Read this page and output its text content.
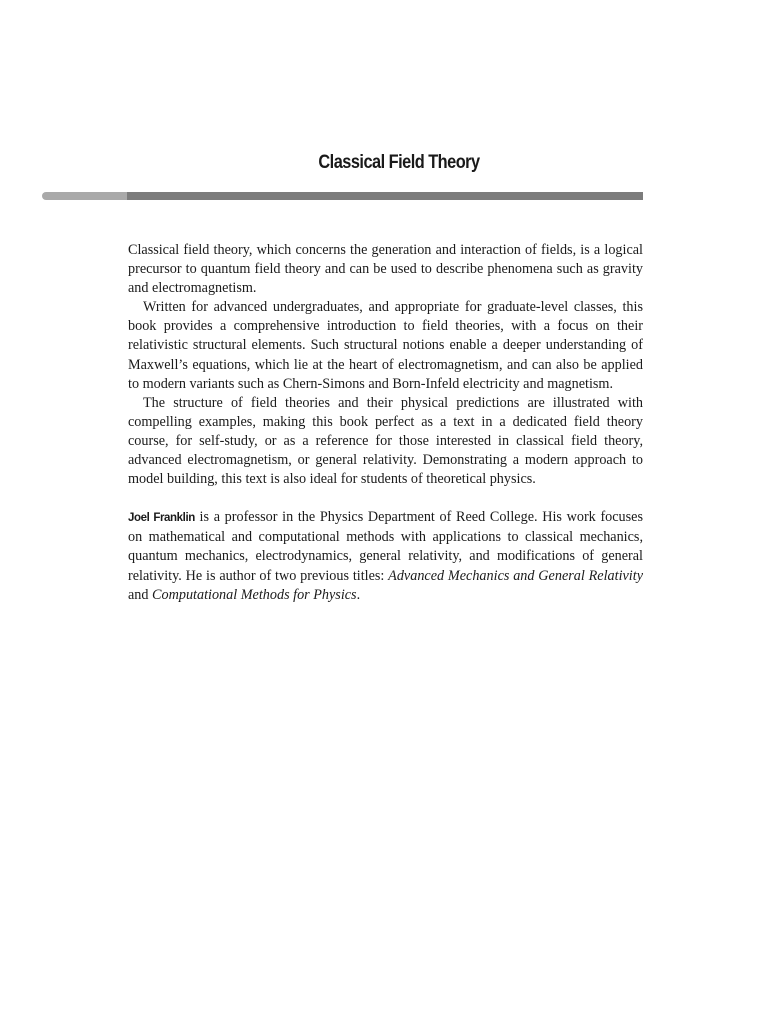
Classical Field Theory

Classical field theory, which concerns the generation and interaction of fields, is a logical precursor to quantum field theory and can be used to describe phenomena such as gravity and electromagnetism.

Written for advanced undergraduates, and appropriate for graduate-level classes, this book provides a comprehensive introduction to field theories, with a focus on their relativistic structural elements. Such structural notions enable a deeper understanding of Maxwell’s equations, which lie at the heart of electromagnetism, and can also be applied to modern variants such as Chern-Simons and Born-Infeld electricity and magnetism.

The structure of field theories and their physical predictions are illustrated with compelling examples, making this book perfect as a text in a dedicated field theory course, for self-study, or as a reference for those interested in classical field theory, advanced electromagnetism, or general relativity. Demonstrating a modern approach to model building, this text is also ideal for students of theoretical physics.

Joel Franklin is a professor in the Physics Department of Reed College. His work focuses on mathematical and computational methods with applications to classical mechanics, quantum mechanics, electrodynamics, general relativity, and modifications of general relativity. He is author of two previous titles: Advanced Mechanics and General Relativity and Computational Methods for Physics.
